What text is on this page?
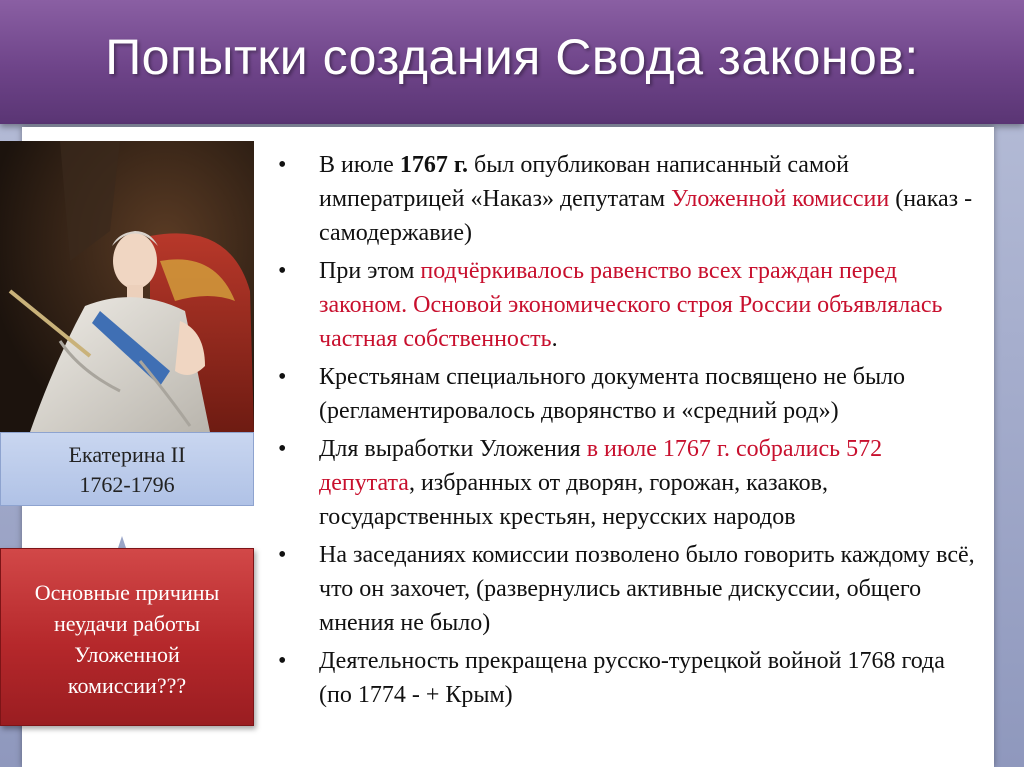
Попытки создания Свода законов:
Екатерина II
1762-1796
Основные причины
неудачи работы
Уложенной
комиссии???
• В июле 1767 г. был опубликован написанный самой императрицей «Наказ» депутатам Уложенной комиссии (наказ - самодержавие)
• При этом подчёркивалось равенство всех граждан перед законом. Основой экономического строя России объявлялась частная собственность.
• Крестьянам специального документа посвящено не было (регламентировалось дворянство и «средний род»)
• Для выработки Уложения в июле 1767 г. собрались 572 депутата, избранных от дворян, горожан, казаков, государственных крестьян, нерусских народов
• На заседаниях комиссии позволено было говорить каждому всё, что он захочет, (развернулись активные дискуссии, общего мнения не было)
• Деятельность прекращена русско-турецкой войной 1768 года (по 1774 - + Крым)
